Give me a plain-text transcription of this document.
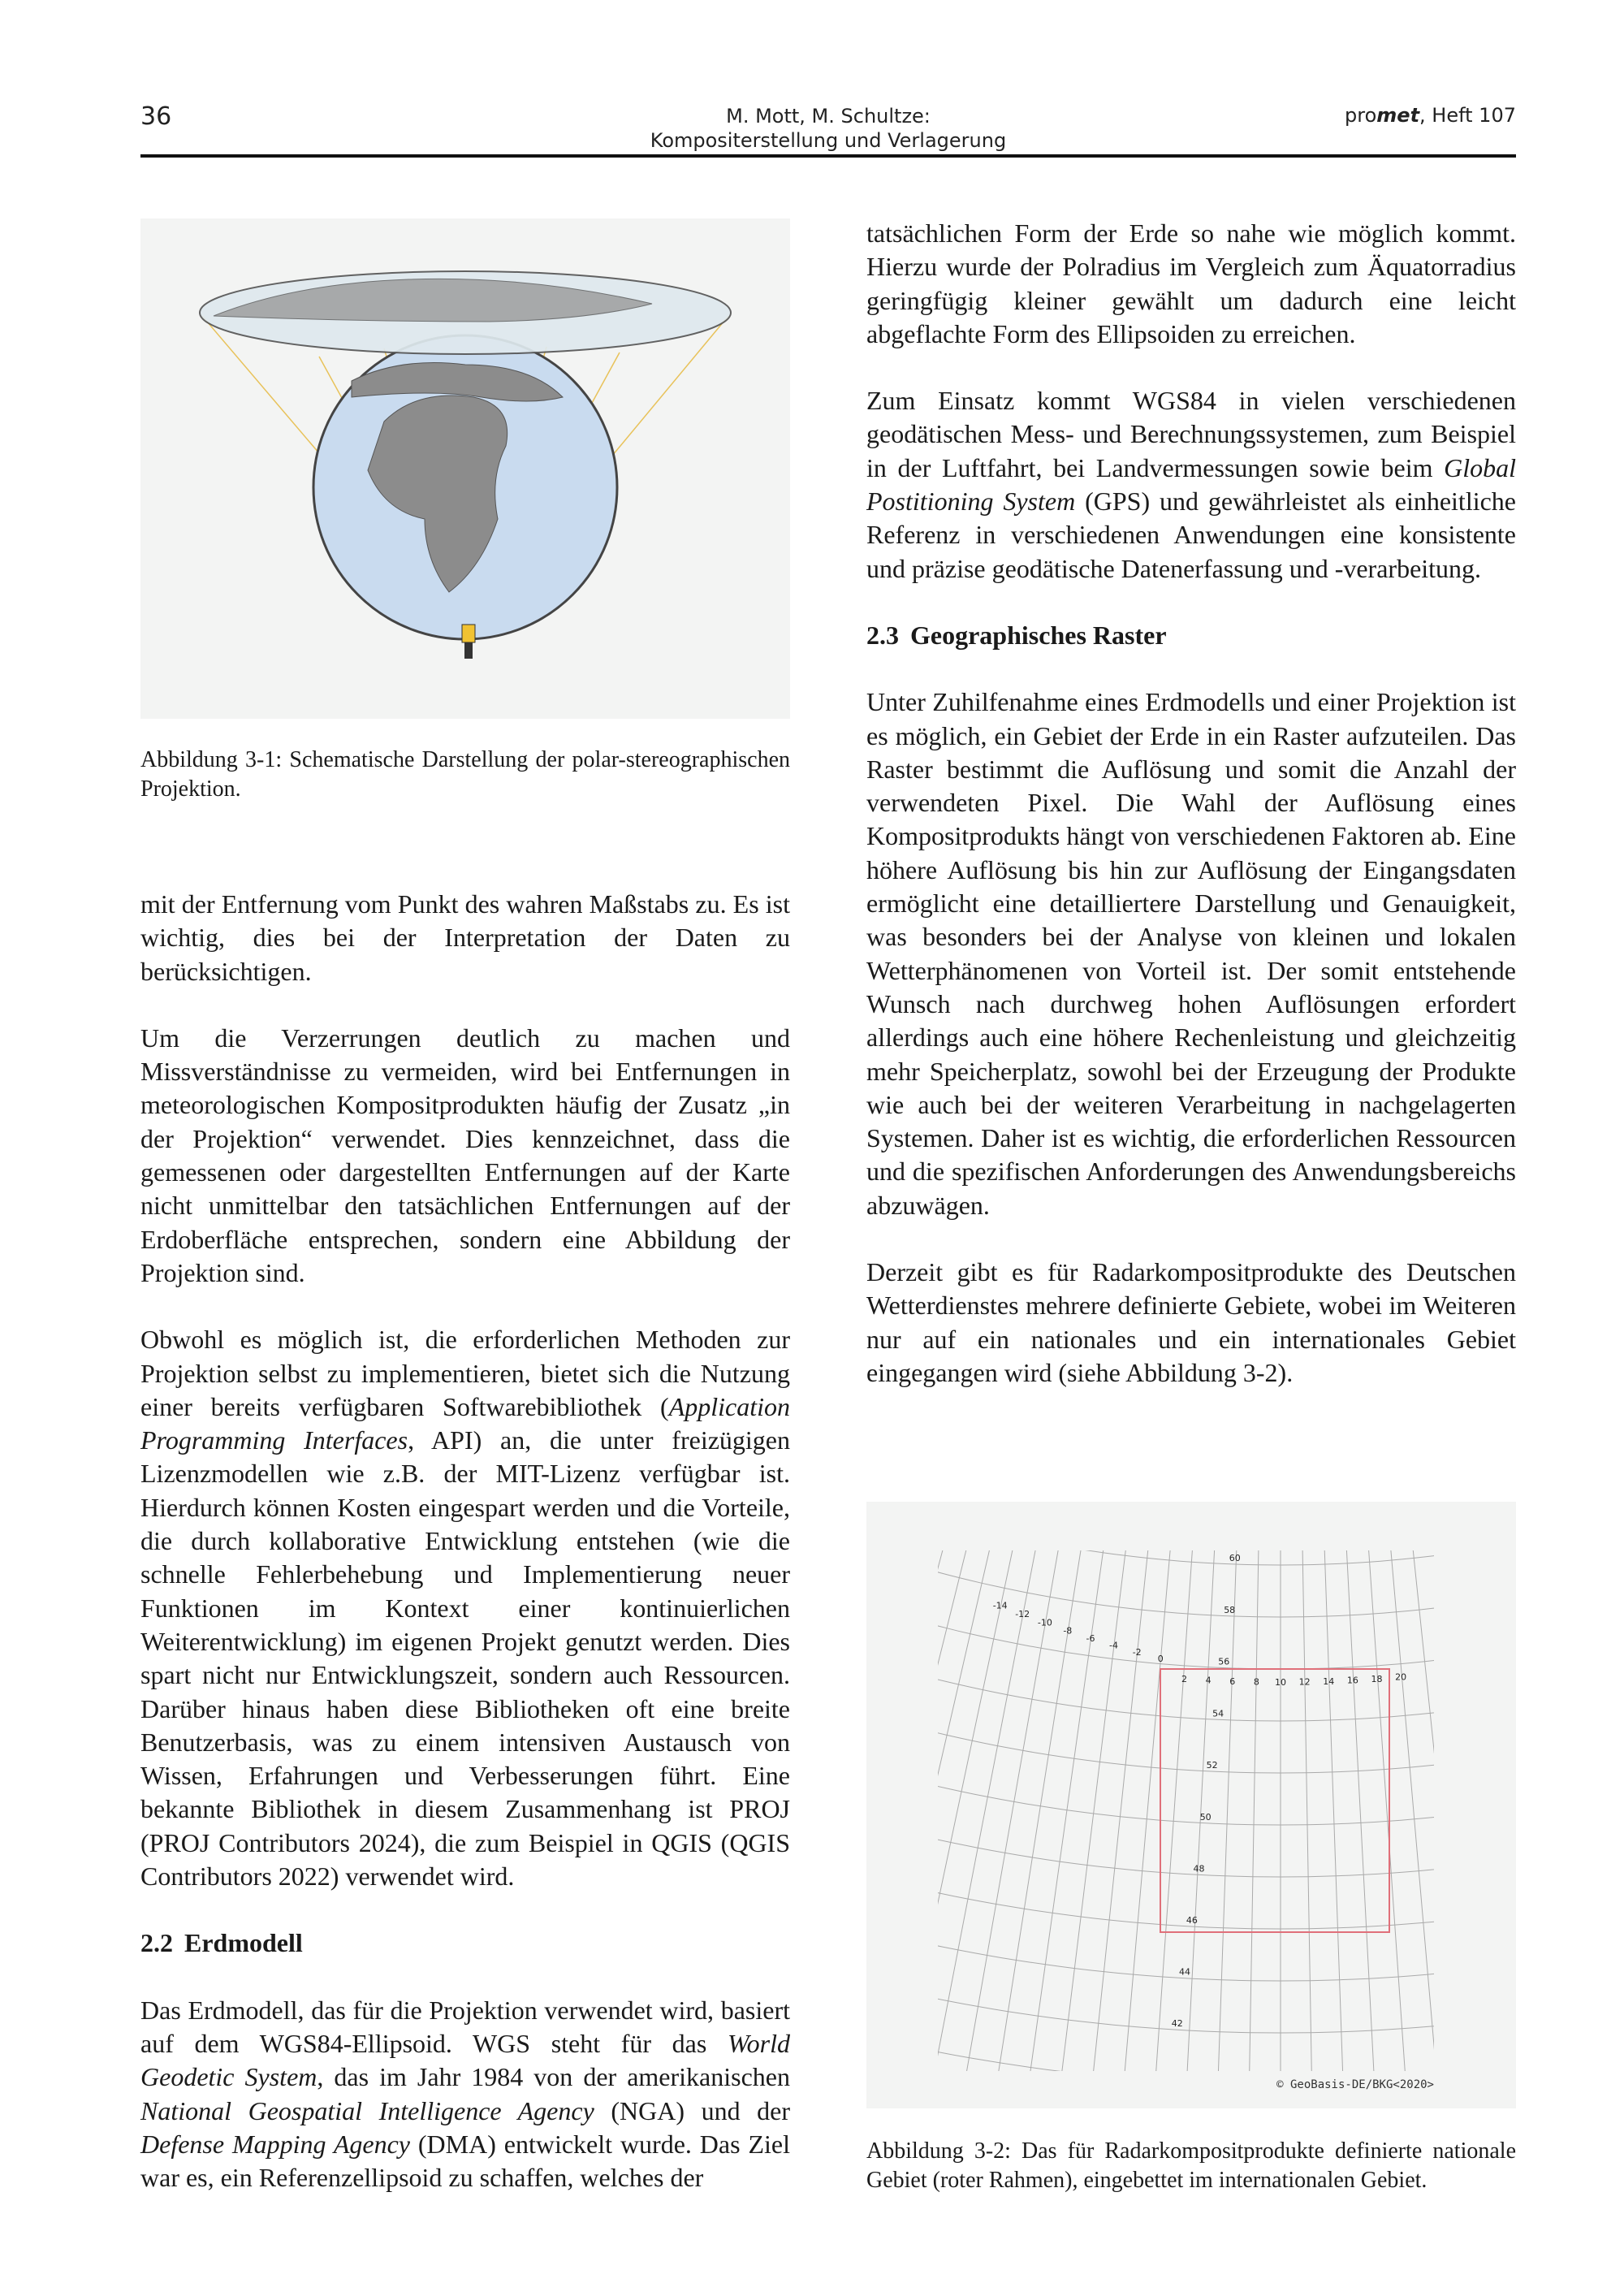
36	M. Mott, M. Schultze:
Kompositerstellung und Verlagerung
promet, Heft 107
Abbildung 3-1: Schematische Darstellung der polar-stereographischen Projektion.

mit der Entfernung vom Punkt des wahren Maßstabs zu. Es ist wichtig, dies bei der Interpretation der Daten zu berücksichtigen.

Um die Verzerrungen deutlich zu machen und Missverständnisse zu vermeiden, wird bei Entfernungen in meteorologischen Kompositprodukten häufig der Zusatz „in der Projektion“ verwendet. Dies kennzeichnet, dass die gemessenen oder dargestellten Entfernungen auf der Karte nicht unmittelbar den tatsächlichen Entfernungen auf der Erdoberfläche entsprechen, sondern eine Abbildung der Projektion sind.

Obwohl es möglich ist, die erforderlichen Methoden zur Projektion selbst zu implementieren, bietet sich die Nutzung einer bereits verfügbaren Softwarebibliothek (Application Programming Interfaces, API) an, die unter freizügigen Lizenzmodellen wie z.B. der MIT-Lizenz verfügbar ist. Hierdurch können Kosten eingespart werden und die Vorteile, die durch kollaborative Entwicklung entstehen (wie die schnelle Fehlerbehebung und Implementierung neuer Funktionen im Kontext einer kontinuierlichen Weiterentwicklung) im eigenen Projekt genutzt werden. Dies spart nicht nur Entwicklungszeit, sondern auch Ressourcen. Darüber hinaus haben diese Bibliotheken oft eine breite Benutzerbasis, was zu einem intensiven Austausch von Wissen, Erfahrungen und Verbesserungen führt. Eine bekannte Bibliothek in diesem Zusammenhang ist PROJ (PROJ Contributors 2024), die zum Beispiel in QGIS (QGIS Contributors 2022) verwendet wird.

2.2 Erdmodell

Das Erdmodell, das für die Projektion verwendet wird, basiert auf dem WGS84-Ellipsoid. WGS steht für das World Geodetic System, das im Jahr 1984 von der amerikanischen National Geospatial Intelligence Agency (NGA) und der Defense Mapping Agency (DMA) entwickelt wurde. Das Ziel war es, ein Referenzellipsoid zu schaffen, welches der

tatsächlichen Form der Erde so nahe wie möglich kommt. Hierzu wurde der Polradius im Vergleich zum Äquatorradius geringfügig kleiner gewählt um dadurch eine leicht abgeflachte Form des Ellipsoiden zu erreichen.

Zum Einsatz kommt WGS84 in vielen verschiedenen geodätischen Mess- und Berechnungssystemen, zum Beispiel in der Luftfahrt, bei Landvermessungen sowie beim Global Postitioning System (GPS) und gewährleistet als einheitliche Referenz in verschiedenen Anwendungen eine konsistente und präzise geodätische Datenerfassung und -verarbeitung.

2.3 Geographisches Raster

Unter Zuhilfenahme eines Erdmodells und einer Projektion ist es möglich, ein Gebiet der Erde in ein Raster aufzuteilen. Das Raster bestimmt die Auflösung und somit die Anzahl der verwendeten Pixel. Die Wahl der Auflösung eines Kompositprodukts hängt von verschiedenen Faktoren ab. Eine höhere Auflösung bis hin zur Auflösung der Eingangsdaten ermöglicht eine detailliertere Darstellung und Genauigkeit, was besonders bei der Analyse von kleinen und lokalen Wetterphänomenen von Vorteil ist. Der somit entstehende Wunsch nach durchweg hohen Auflösungen erfordert allerdings auch eine höhere Rechenleistung und gleichzeitig mehr Speicherplatz, sowohl bei der Erzeugung der Produkte wie auch bei der weiteren Verarbeitung in nachgelagerten Systemen. Daher ist es wichtig, die erforderlichen Ressourcen und die spezifischen Anforderungen des Anwendungsbereichs abzuwägen.

Derzeit gibt es für Radarkompositprodukte des Deutschen Wetterdienstes mehrere definierte Gebiete, wobei im Weiteren nur auf ein nationales und ein internationales Gebiet eingegangen wird (siehe Abbildung 3-2).

-14
-12
-10
-8
-6
-4
-2
0
2 4 6 8 10 12 14 16 18 20
60
58
56
54
52
50
48
46
44
42
© GeoBasis-DE/BKG<2020>
Abbildung 3-2: Das für Radarkompositprodukte definierte nationale Gebiet (roter Rahmen), eingebettet im internationalen Gebiet.
